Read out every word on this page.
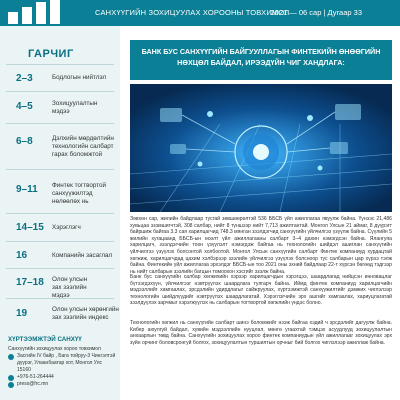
САНХҮҮГИЙН ЗОХИЦУУЛАХ ХОРООНЫ ТОВХИМОЛ
2021 — 06 сар | Дугаар 33
ГАРЧИГ
2–3	Бодлогын нийтлэл
4–5	Зохицуулалтын мэдээ
6–8	Дэлхийн мөрдөлтийн технологийн салбарт гарах боломжтой
9–11 Финтек тогтвортой санхүүжилтэд нөлөөлөх нь
14–15 Хэрэглэгч
16	Компанийн засаглал
17–18 Олон улсын зах зээлийн мэдээ
19	Олон улсын хөрөнгийн зах зээлийн индекс
ХҮРТЭЭМЖТЭЙ САНХҮҮ
Санхүүгийн зохицуулах хороо товхимол
Засгийн IV байр , Бага тойруу-3 Чингэлтэй дүүрэг, Улаанбаатар хот, Монгол Улс 15160
+976-51-264444
press@frc.mn
БАНК БУС САНХҮҮГИЙН БАЙГУУЛЛАГЫН ФИНТЕКИЙН ӨНӨӨГИЙН НӨХЦӨЛ БАЙДАЛ, ИРЭЭДҮЙН ЧИГ ХАНДЛАГА:
Зөвхөн сар, жилийн байдлаар тусгай зөвшөөрөлтэй 536 ББСБ үйл ажиллагаа явуулж байна. Үүнээс 21,486 хувьцаа эзэмшигчтэй, 308 салбар, нийт 8 түншээр нийт 7,713 ажилтантай. Монгол Улсын 21 аймаг, 8 дүүрэгт байршиж байгаа 3.3 сая харилцагчид 748.3 мянган зээлдэгчид санхүүгийн үйлчилгээ үзүүлж байна. Сүүлийн 5 жилийн хугацаанд ББСБ-ын өсөлт үйл ажиллагааны салбарт 3–4 дахин нэмэгдсэн байна. Ялангуяа харилцагч, зээлдэгчийн тоон үзүүлэлт нэмэгдэж байгаа нь технологийн шийдэл ашиглан санхүүгийн үйлчилгээ үзүүлэх болсонтой холбоотой. Монгол Улсын санхүүгийн салбарт Финтек компаниуд хурдацтай хөгжиж, харилцагчдад цахим хэлбэрээр зээлийн үйлчилгээ үзүүлэх болсноор тус салбарын цар хүрээ тэлж байна. Финтекийн үйл ажиллагаа эрхэлдэг ББСБ-ын тоо 2021 оны эхний байдлаар 22-т хүрсэн бөгөөд тэдгээр нь нийт салбарын зээлийн багцын томоохон хэсгийг эзэлж байна.
Банк бус санхүүгийн салбар хөгжихийн хэрээр харилцагчдын хэрэгцээ, шаардлагад нийцсэн инновацлаг бүтээгдэхүүн, үйлчилгээг нэвтрүүлэх шаардлага тулгарч байна. Иймд финтек компаниуд харилцагчийн мэдээллийг хамгаалах, эрсдэлийн удирдлагыг сайжруулах, хүртээмжтэй санхүүжилтийг дэмжих чиглэлээр технологийн шийдлүүдийг нэвтрүүлэх шаардлагатай. Хэрэглэгчийн эрх ашгийг хамгаалах, хариуцлагатай зээлдүүлэх зарчмыг хэрэгжүүлэх нь салбарын тогтвортой хөгжлийн үндэс болно.
Технологийн хөгжил нь санхүүгийн салбарт шинэ боломжийг нээж байгаа хэдий ч эрсдэлийг дагуулж байна. Кибер аюулгүй байдал, хувийн мэдээллийн нууцлал, мөнгө угаахтай тэмцэх асуудлууд зохицуулалтын анхаарлын төвд байна. Санхүүгийн зохицуулах хороо финтек компаниудын үйл ажиллагааг зохицуулах эрх зүйн орчинг боловсронгуй болгох, зохицуулалтын туршилтын орчныг бий болгох чиглэлээр ажиллаж байна.
